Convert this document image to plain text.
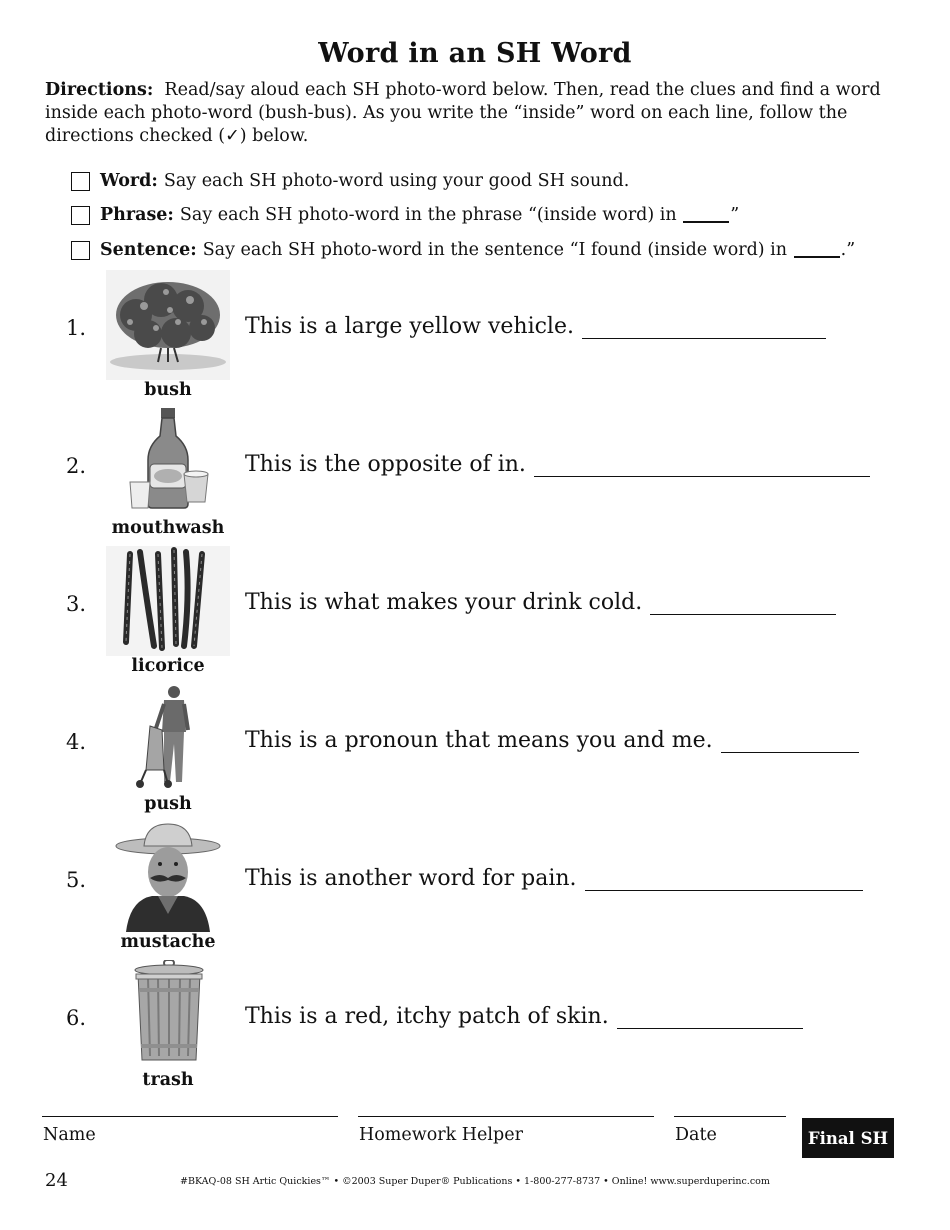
Word in an SH Word
Directions: Read/say aloud each SH photo-word below. Then, read the clues and find a word inside each photo-word (bush-bus). As you write the “inside” word on each line, follow the directions checked (✓) below.
Word: Say each SH photo-word using your good SH sound.
Phrase: Say each SH photo-word in the phrase “(inside word) in
	”
Sentence: Say each SH photo-word in the sentence “I found (inside word) in
	.”
1.
bush
This is a large yellow vehicle.
2.
mouthwash
This is the opposite of in.
3.
licorice
This is what makes your drink cold.
4.
push
This is a pronoun that means you and me.
5.
mustache
This is another word for pain.
6.
trash
This is a red, itchy patch of skin.
Name	Homework Helper	Date	Final SH
24	#BKAQ-08 SH Artic Quickies™ • ©2003 Super Duper® Publications • 1-800-277-8737 • Online! www.superduperinc.com
